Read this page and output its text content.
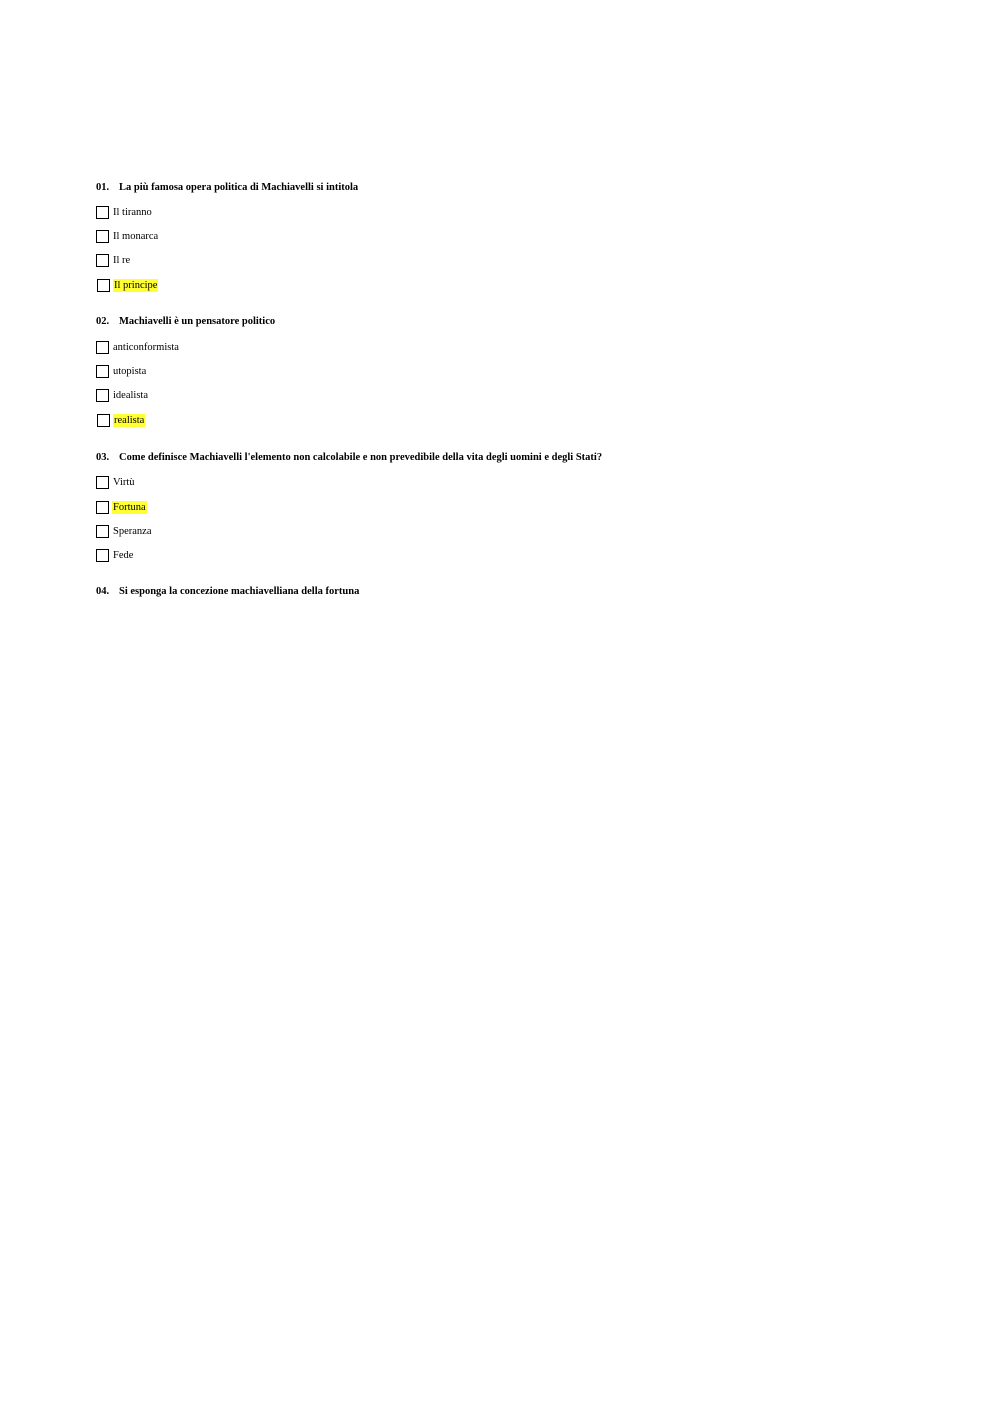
01. La più famosa opera politica di Machiavelli si intitola
Il tiranno
Il monarca
Il re
Il principe
02. Machiavelli è un pensatore politico
anticonformista
utopista
idealista
realista
03. Come definisce Machiavelli l'elemento non calcolabile e non prevedibile della vita degli uomini e degli Stati?
Virtù
Fortuna
Speranza
Fede
04. Si esponga la concezione machiavelliana della fortuna
